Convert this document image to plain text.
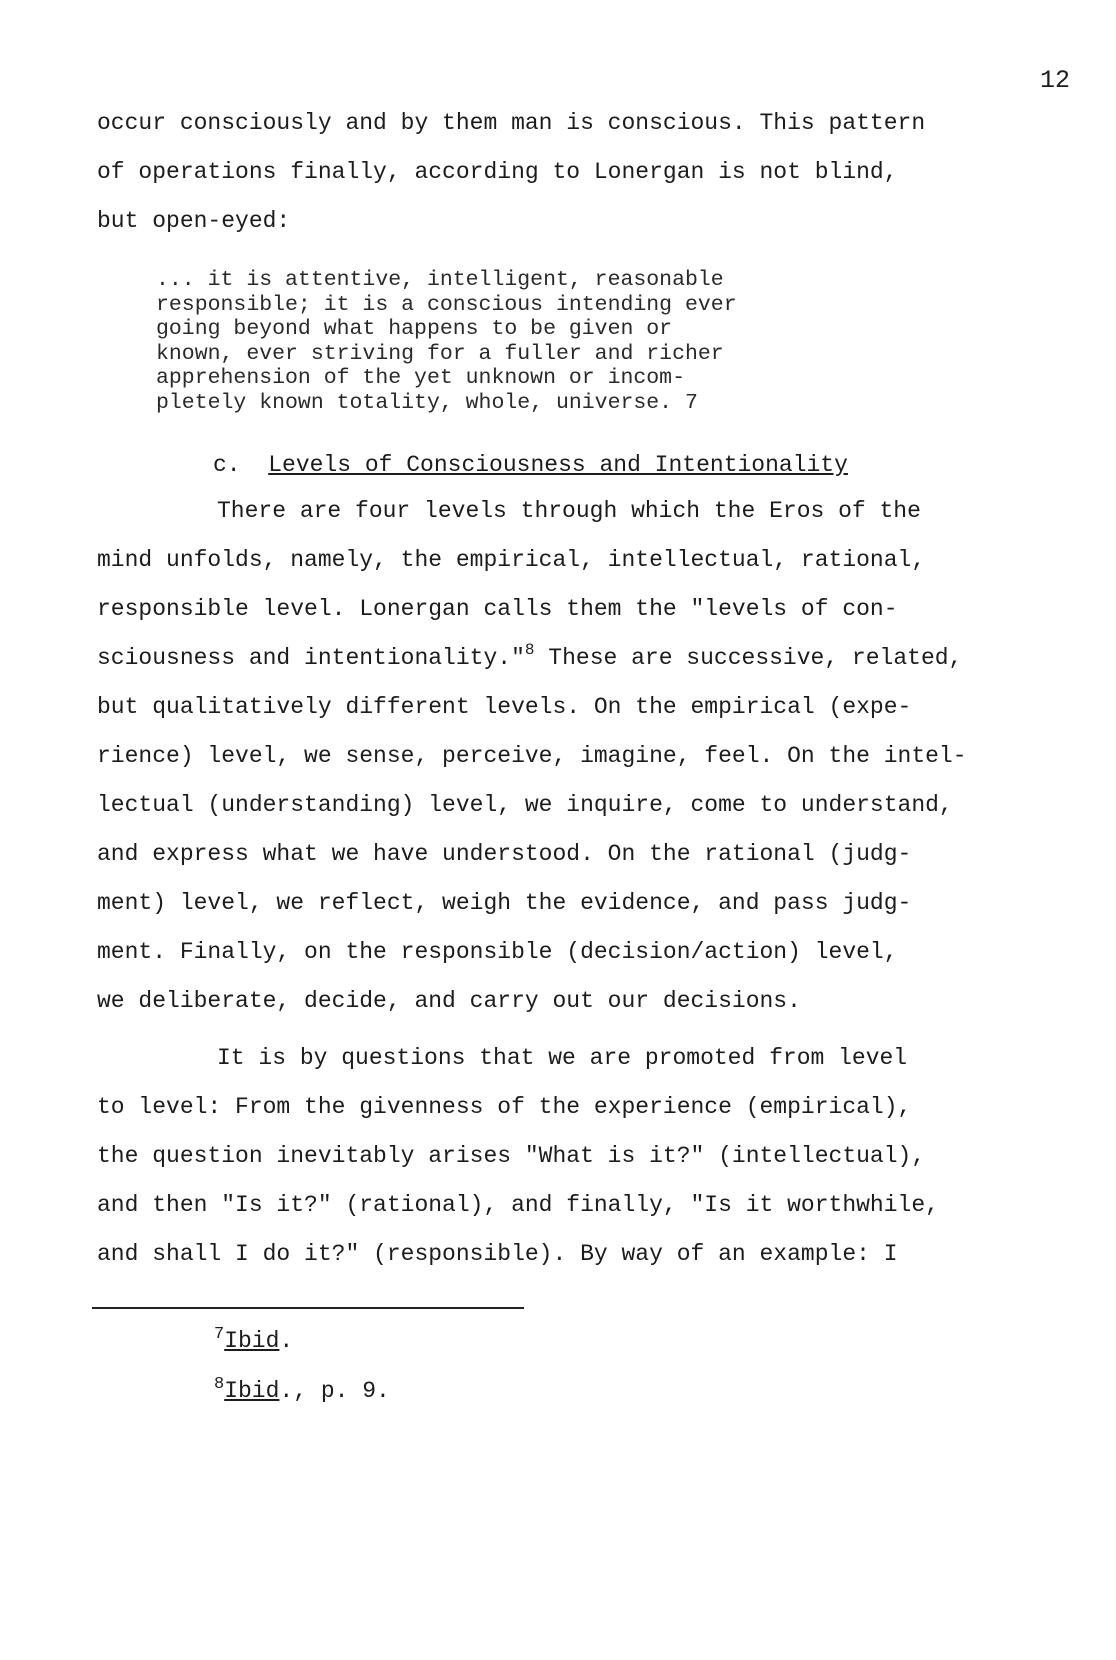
12
occur consciously and by them man is conscious. This pattern
of operations finally, according to Lonergan is not blind,
but open-eyed:
... it is attentive, intelligent, reasonable
responsible; it is a conscious intending ever
going beyond what happens to be given or
known, ever striving for a fuller and richer
apprehension of the yet unknown or incom-
pletely known totality, whole, universe. 7
c. Levels of Consciousness and Intentionality
There are four levels through which the Eros of the
mind unfolds, namely, the empirical, intellectual, rational,
responsible level. Lonergan calls them the "levels of con-
sciousness and intentionality."$^8$ These are successive, related,
but qualitatively different levels. On the empirical (expe-
rience) level, we sense, perceive, imagine, feel. On the intel-
lectual (understanding) level, we inquire, come to understand,
and express what we have understood. On the rational (judg-
ment) level, we reflect, weigh the evidence, and pass judg-
ment. Finally, on the responsible (decision/action) level,
we deliberate, decide, and carry out our decisions.
It is by questions that we are promoted from level
to level: From the givenness of the experience (empirical),
the question inevitably arises "What is it?" (intellectual),
and then "Is it?" (rational), and finally, "Is it worthwhile,
and shall I do it?" (responsible). By way of an example: I
$^7$Ibid.
$^8$Ibid., p. 9.
